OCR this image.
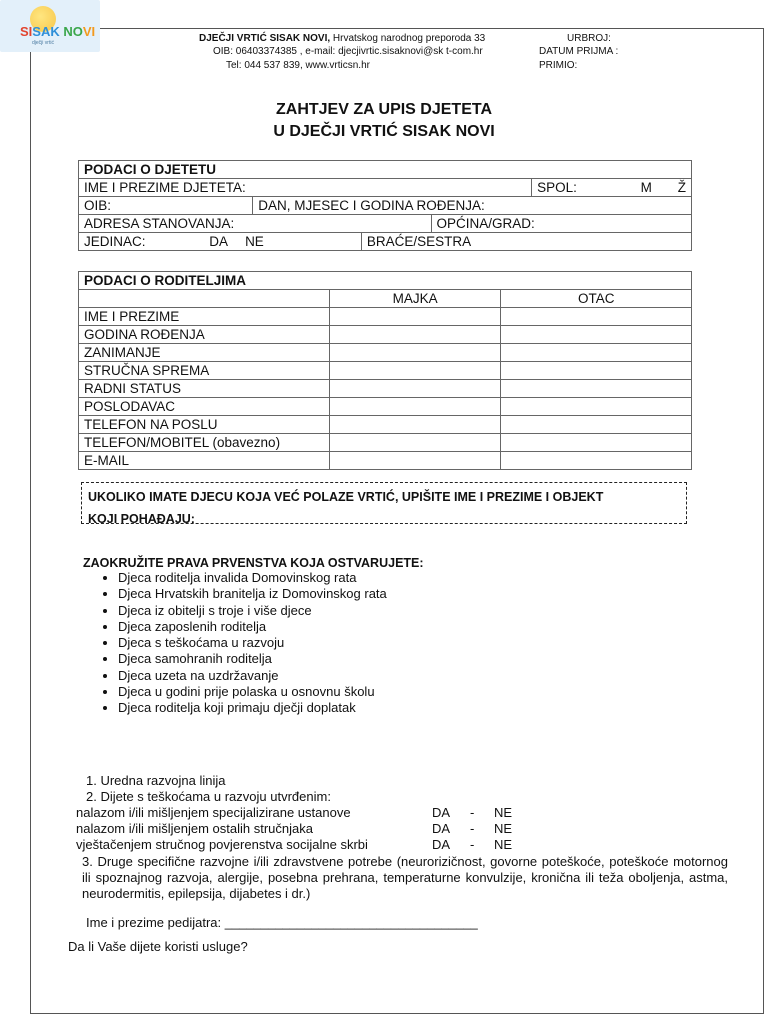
SISAK NOVI
dječji vrtić	DJEČJI VRTIĆ SISAK NOVI, Hrvatskog narodnog preporoda 33
OIB: 06403374385 , e-mail: djecjivrtic.sisaknovi@sk t-com.hr
Tel: 044 537 839, www.vrticsn.hr
URBROJ:
DATUM PRIJMA :
PRIMIO:
ZAHTJEV ZA UPIS DJETETA
U DJEČJI VRTIĆ SISAK NOVI
PODACI O DJETETU				
IME I PREZIME DJETETA:				SPOL: M Ž
OIB:	DAN, MJESEC I GODINA ROĐENJA:			
ADRESA STANOVANJA:			OPĆINA/GRAD:	
JEDINAC: DA NE		BRAĆE/SESTRA		
PODACI O RODITELJIMA		
	MAJKA	OTAC
IME I PREZIME		
GODINA ROĐENJA		
ZANIMANJE		
STRUČNA SPREMA		
RADNI STATUS		
POSLODAVAC		
TELEFON NA POSLU		
TELEFON/MOBITEL (obavezno)		
E-MAIL		
UKOLIKO IMATE DJECU KOJA VEĆ POLAZE VRTIĆ, UPIŠITE IME I PREZIME I OBJEKT
KOJI POHAĐAJU:
ZAOKRUŽITE PRAVA PRVENSTVA KOJA OSTVARUJETE:
• Djeca roditelja invalida Domovinskog rata
• Djeca Hrvatskih branitelja iz Domovinskog rata
• Djeca iz obitelji s troje i više djece
• Djeca zaposlenih roditelja
• Djeca s teškoćama u razvoju
• Djeca samohranih roditelja
• Djeca uzeta na uzdržavanje
• Djeca u godini prije polaska u osnovnu školu
• Djeca roditelja koji primaju dječji doplatak
1. Uredna razvojna linija
2. Dijete s teškoćama u razvoju utvrđenim:
nalazom i/ili mišljenjem specijalizirane ustanove	DA - NE
nalazom i/ili mišljenjem ostalih stručnjaka	DA - NE
vještačenjem stručnog povjerenstva socijalne skrbi	DA - NE
3. Druge specifične razvojne i/ili zdravstvene potrebe (neurorizičnost, govorne poteškoće, poteškoće motornog ili spoznajnog razvoja, alergije, posebna prehrana, temperaturne konvulzije, kronična ili teža oboljenja, astma, neurodermitis, epilepsija, dijabetes i dr.)
Ime i prezime pedijatra: ___________________________________
Da li Vaše dijete koristi usluge?
